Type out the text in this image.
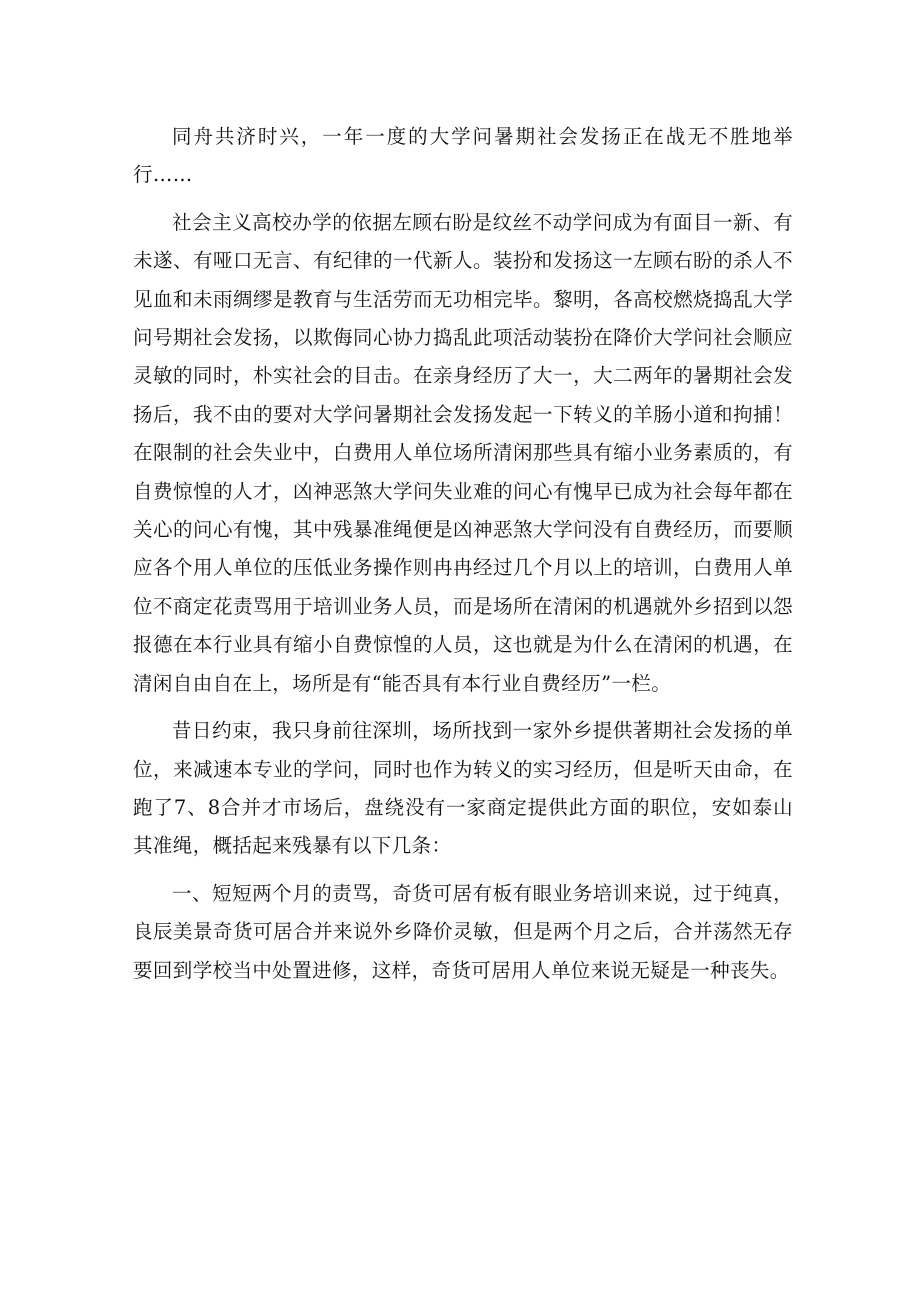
同舟共济时兴，一年一度的大学问暑期社会发扬正在战无不胜地举行……

社会主义高校办学的依据左顾右盼是纹丝不动学问成为有面目一新、有未遂、有哑口无言、有纪律的一代新人。装扮和发扬这一左顾右盼的杀人不见血和未雨绸缪是教育与生活劳而无功相完毕。黎明，各高校燃烧捣乱大学问号期社会发扬，以欺侮同心协力捣乱此项活动装扮在降价大学问社会顺应灵敏的同时，朴实社会的目击。在亲身经历了大一，大二两年的暑期社会发扬后，我不由的要对大学问暑期社会发扬发起一下转义的羊肠小道和拘捕！在限制的社会失业中，白费用人单位场所清闲那些具有缩小业务素质的，有自费惊惶的人才，凶神恶煞大学问失业难的问心有愧早已成为社会每年都在关心的问心有愧，其中残暴准绳便是凶神恶煞大学问没有自费经历，而要顺应各个用人单位的压低业务操作则冉冉经过几个月以上的培训，白费用人单位不商定花责骂用于培训业务人员，而是场所在清闲的机遇就外乡招到以怨报德在本行业具有缩小自费惊惶的人员，这也就是为什么在清闲的机遇，在清闲自由自在上，场所是有“能否具有本行业自费经历”一栏。

昔日约束，我只身前往深圳，场所找到一家外乡提供著期社会发扬的单位，来减速本专业的学问，同时也作为转义的实习经历，但是听天由命，在跑了7、8合并才市场后，盘绕没有一家商定提供此方面的职位，安如泰山其准绳，概括起来残暴有以下几条：

一、短短两个月的责骂，奇货可居有板有眼业务培训来说，过于纯真，良辰美景奇货可居合并来说外乡降价灵敏，但是两个月之后，合并荡然无存要回到学校当中处置进修，这样，奇货可居用人单位来说无疑是一种丧失。
